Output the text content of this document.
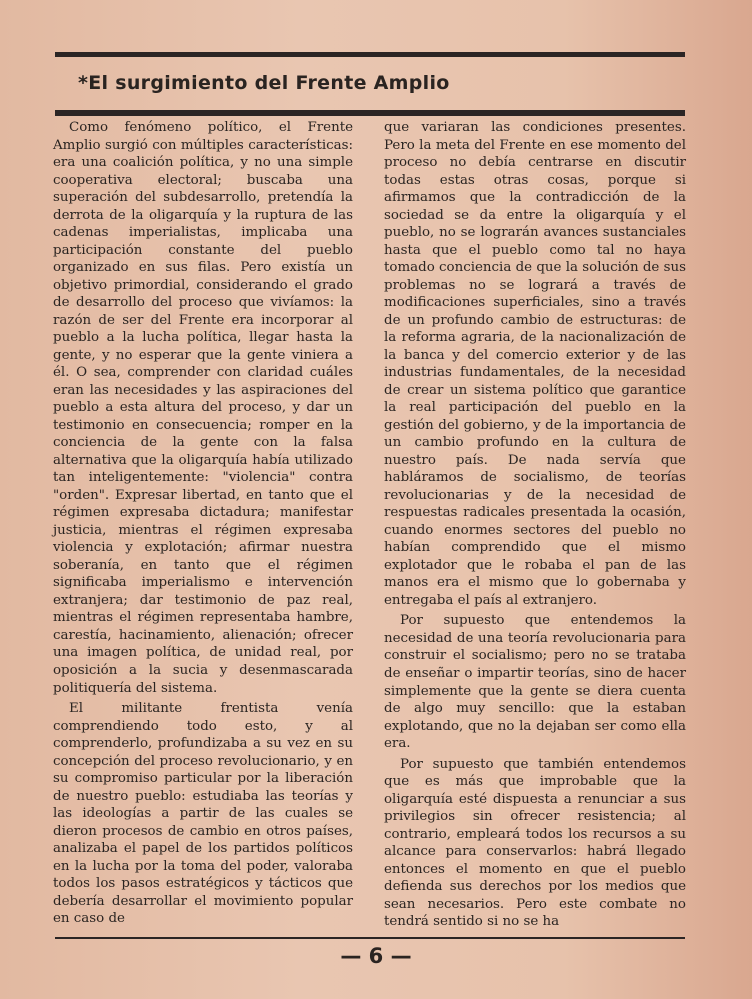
*El surgimiento del Frente Amplio

Como fenómeno político, el Frente Amplio surgió con múltiples características: era una coalición política, y no una simple cooperativa electoral; buscaba una superación del subdesarrollo, pretendía la derrota de la oligarquía y la ruptura de las cadenas imperialistas, implicaba una participación constante del pueblo organizado en sus filas. Pero existía un objetivo primordial, considerando el grado de desarrollo del proceso que vivíamos: la razón de ser del Frente era incorporar al pueblo a la lucha política, llegar hasta la gente, y no esperar que la gente viniera a él. O sea, comprender con claridad cuáles eran las necesidades y las aspiraciones del pueblo a esta altura del proceso, y dar un testimonio en consecuencia; romper en la conciencia de la gente con la falsa alternativa que la oligarquía había utilizado tan inteligentemente: "violencia" contra "orden". Expresar libertad, en tanto que el régimen expresaba dictadura; manifestar justicia, mientras el régimen expresaba violencia y explotación; afirmar nuestra soberanía, en tanto que el régimen significaba imperialismo e intervención extranjera; dar testimonio de paz real, mientras el régimen representaba hambre, carestía, hacinamiento, alienación; ofrecer una imagen política, de unidad real, por oposición a la sucia y desenmascarada politiquería del sistema.

El militante frentista venía comprendiendo todo esto, y al comprenderlo, profundizaba a su vez en su concepción del proceso revolucionario, y en su compromiso particular por la liberación de nuestro pueblo: estudiaba las teorías y las ideologías a partir de las cuales se dieron procesos de cambio en otros países, analizaba el papel de los partidos políticos en la lucha por la toma del poder, valoraba todos los pasos estratégicos y tácticos que debería desarrollar el movimiento popular en caso de

que variaran las condiciones presentes. Pero la meta del Frente en ese momento del proceso no debía centrarse en discutir todas estas otras cosas, porque si afirmamos que la contradicción de la sociedad se da entre la oligarquía y el pueblo, no se lograrán avances sustanciales hasta que el pueblo como tal no haya tomado conciencia de que la solución de sus problemas no se logrará a través de modificaciones superficiales, sino a través de un profundo cambio de estructuras: de la reforma agraria, de la nacionalización de la banca y del comercio exterior y de las industrias fundamentales, de la necesidad de crear un sistema político que garantice la real participación del pueblo en la gestión del gobierno, y de la importancia de un cambio profundo en la cultura de nuestro país. De nada servía que habláramos de socialismo, de teorías revolucionarias y de la necesidad de respuestas radicales presentada la ocasión, cuando enormes sectores del pueblo no habían comprendido que el mismo explotador que le robaba el pan de las manos era el mismo que lo gobernaba y entregaba el país al extranjero.

Por supuesto que entendemos la necesidad de una teoría revolucionaria para construir el socialismo; pero no se trataba de enseñar o impartir teorías, sino de hacer simplemente que la gente se diera cuenta de algo muy sencillo: que la estaban explotando, que no la dejaban ser como ella era.

Por supuesto que también entendemos que es más que improbable que la oligarquía esté dispuesta a renunciar a sus privilegios sin ofrecer resistencia; al contrario, empleará todos los recursos a su alcance para conservarlos: habrá llegado entonces el momento en que el pueblo defienda sus derechos por los medios que sean necesarios. Pero este combate no tendrá sentido si no se ha

— 6 —
